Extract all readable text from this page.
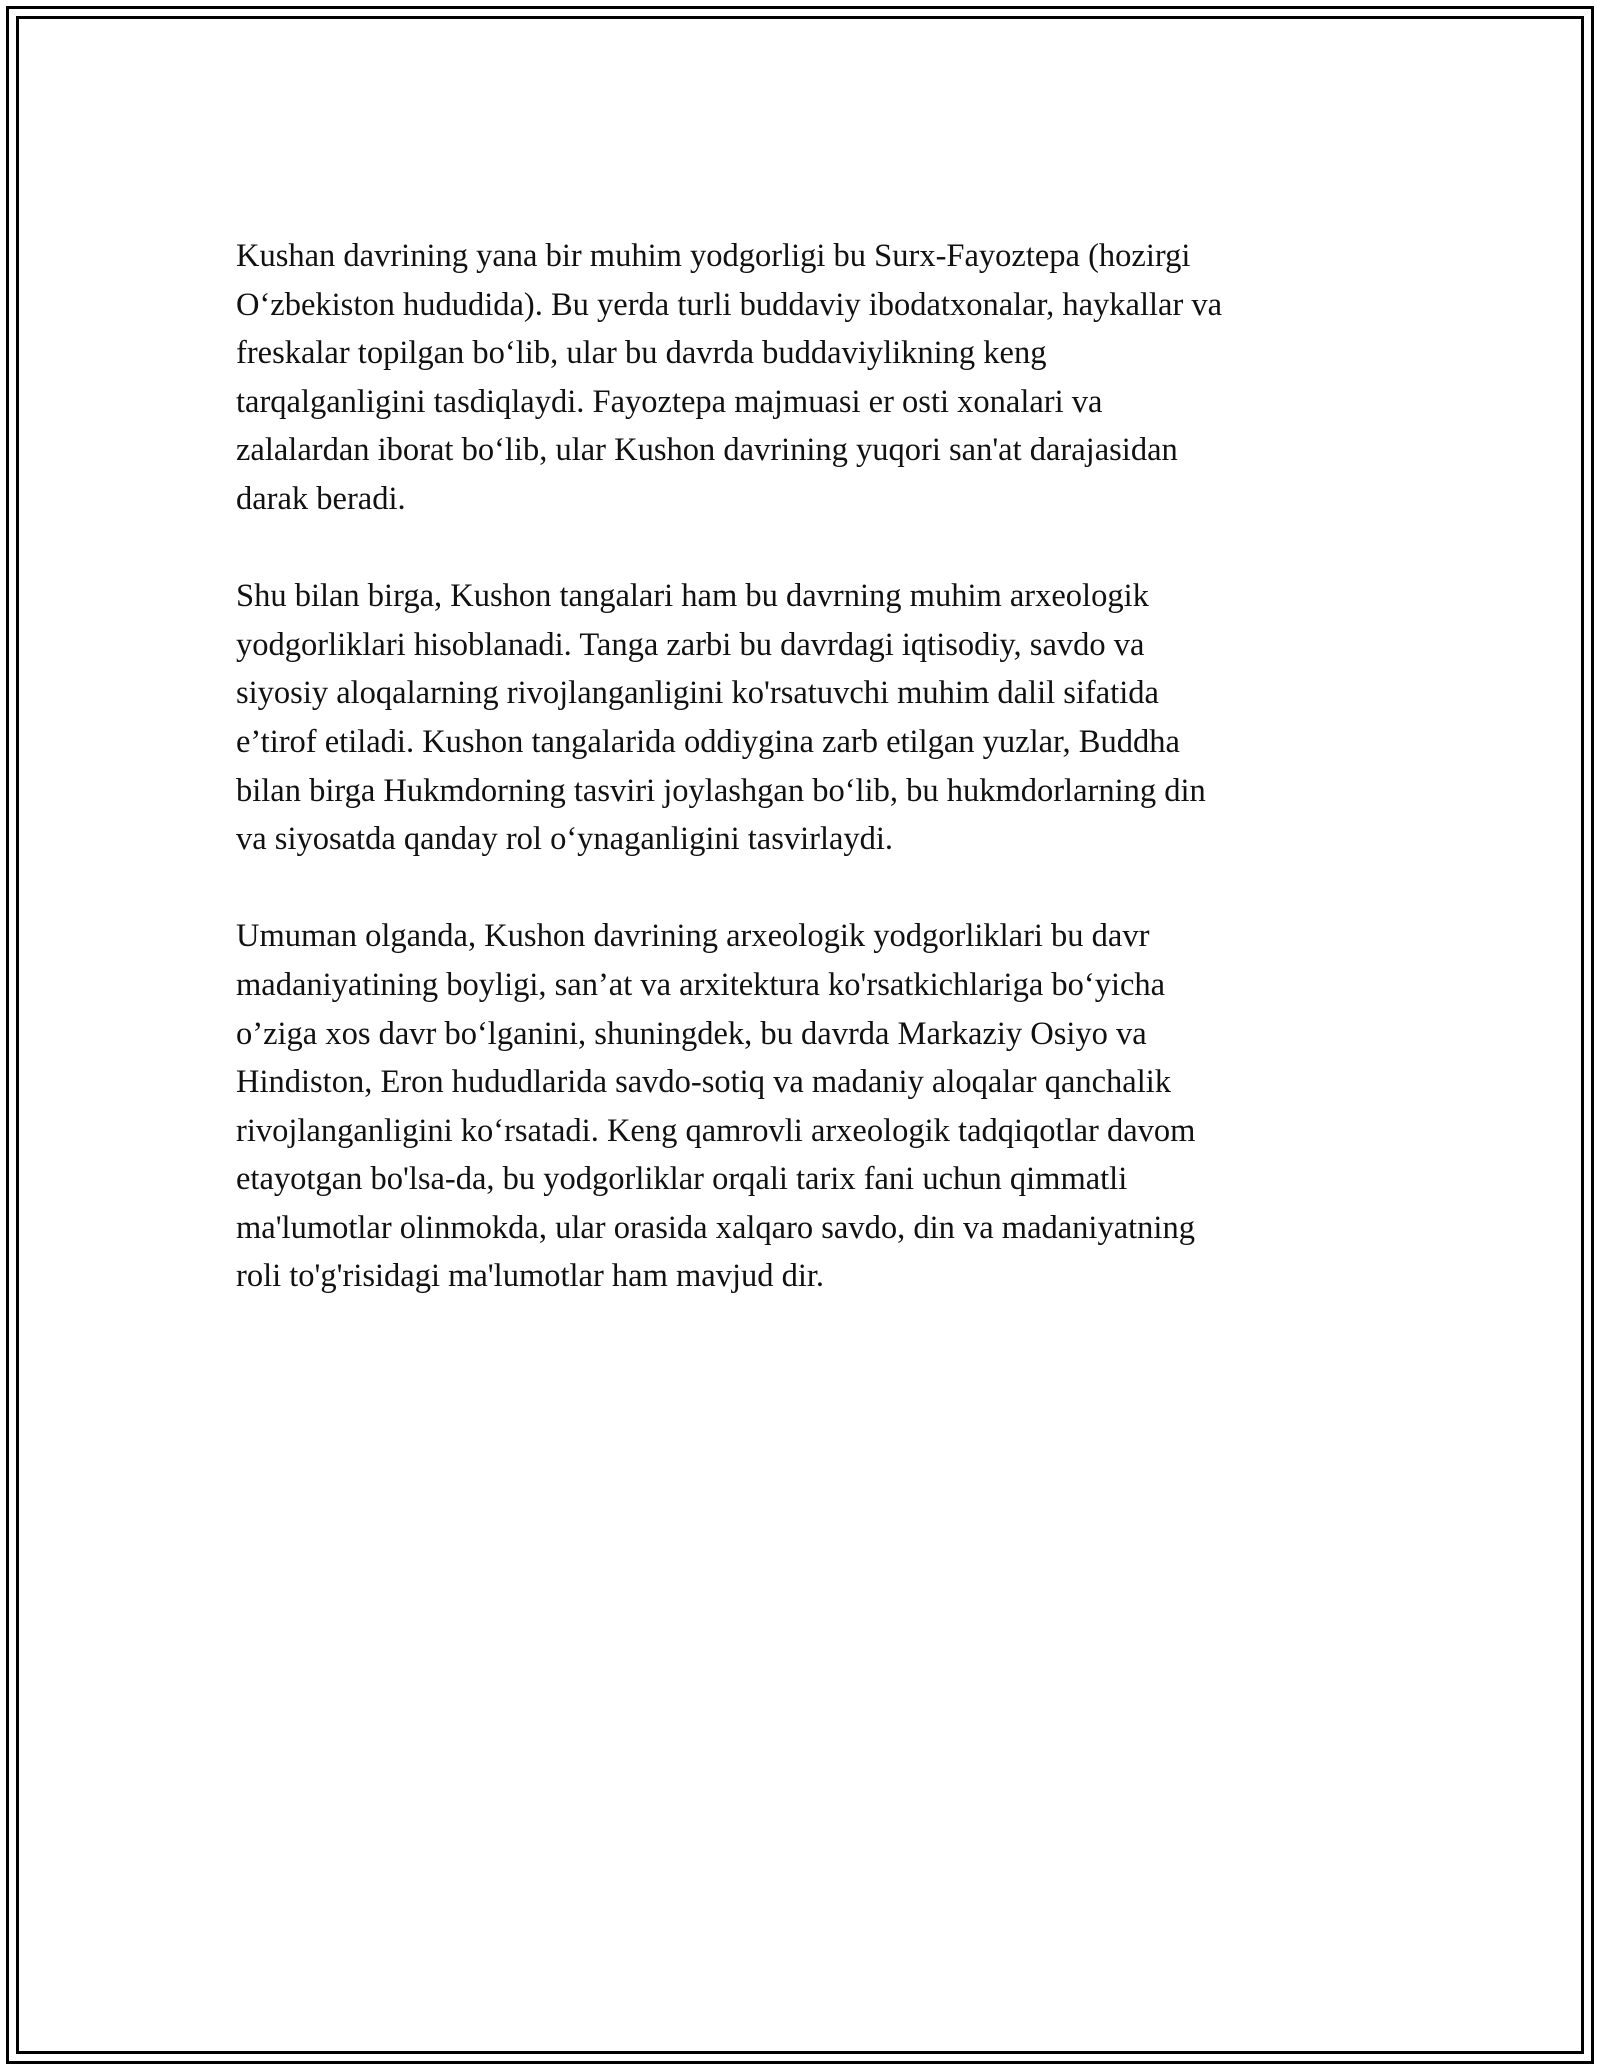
Kushan davrining yana bir muhim yodgorligi bu Surx-Fayoztepa (hozirgi
O‘zbekiston hududida). Bu yerda turli buddaviy ibodatxonalar, haykallar va
freskalar topilgan bo‘lib, ular bu davrda buddaviylikning keng
tarqalganligini tasdiqlaydi. Fayoztepa majmuasi er osti xonalari va
zalalardan iborat bo‘lib, ular Kushon davrining yuqori san'at darajasidan
darak beradi.

Shu bilan birga, Kushon tangalari ham bu davrning muhim arxeologik
yodgorliklari hisoblanadi. Tanga zarbi bu davrdagi iqtisodiy, savdo va
siyosiy aloqalarning rivojlanganligini ko'rsatuvchi muhim dalil sifatida
e’tirof etiladi. Kushon tangalarida oddiygina zarb etilgan yuzlar, Buddha
bilan birga Hukmdorning tasviri joylashgan bo‘lib, bu hukmdorlarning din
va siyosatda qanday rol o‘ynaganligini tasvirlaydi.

Umuman olganda, Kushon davrining arxeologik yodgorliklari bu davr
madaniyatining boyligi, san’at va arxitektura ko'rsatkichlariga bo‘yicha
o’ziga xos davr bo‘lganini, shuningdek, bu davrda Markaziy Osiyo va
Hindiston, Eron hududlarida savdo-sotiq va madaniy aloqalar qanchalik
rivojlanganligini ko‘rsatadi. Keng qamrovli arxeologik tadqiqotlar davom
etayotgan bo'lsa-da, bu yodgorliklar orqali tarix fani uchun qimmatli
ma'lumotlar olinmokda, ular orasida xalqaro savdo, din va madaniyatning
roli to'g'risidagi ma'lumotlar ham mavjud dir.
